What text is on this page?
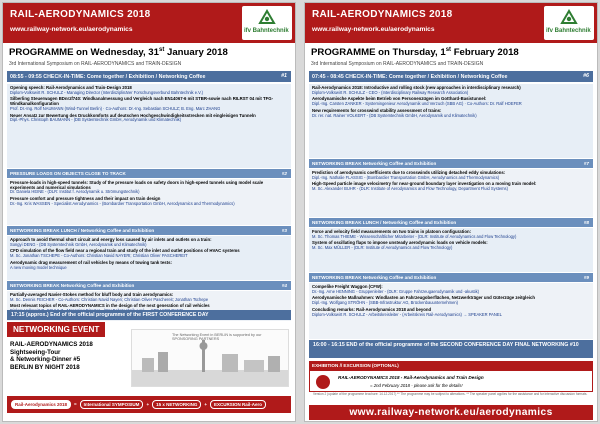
RAIL-AERODYNAMICS 2018
www.railway-network.eu/aerodynamics	ifv Bahntechnik
PROGRAMME on Wednesday, 31st January 2018
3rd International Symposium on RAIL-AERODYNAMICS and TRAIN-DESIGN
08:55 - 09:55 CHECK-IN-TIME: Come together / Exhibition / Networking Coffee	#1
Opening speech: Rail-Aerodynamics and Train-Design 2018
Diplom-Volkswirt R. SCHULZ - Managing Director (Interdisziplinärer Forschungsverbund Bahntechnik e.V.)
Silberling Steuerwagen BDnrzf740: Windkanalmessung und Vergleich nach EN14067-6 mit STBR-sowie nach RILRST 04 mit TFG-Windkanalkonfiguration
Prof. Dr.-Ing. Rolf NAUMANN (Wind-Tunnel Berlin) · Co-Authors: Dr.-Ing. Sebastian SCHULZ; B. Eng. Marc ZHANG
Neuer Ansatz zur Bewertung des Druckkomforts auf deutschen Hochgeschwindigkeitsstrecken mit eingleisigen Tunneln
Dipl.-Phys. Christoph BAUMANN - (DB Systemtechnik GmbH, Aerodynamik und Klimatechnik)
PRESSURE LOADS ON OBJECTS CLOSE TO TRACK	#2
Pressure-loads in high-speed tunnels: Study of the pressure loads on safety doors in high-speed tunnels using model scale experiments and numerical simulations
Dr. Daniela HEINE - (DLR: Institut f. Aerodynamik u. Strömungstechnik)
Pressure comfort and pressure tightness and their impact on train design
Dr.-Ing. Kris WASSEN - Specialist Aerodynamics - (Bombardier Transportation GmbH, Aerodynamics and Thermodynamics)
NETWORKING BREAK LUNCH / Networking Coffee and Exhibition	#3
Approach to avoid thermal short circuit and energy loss caused by air inlets and outlets on a train:
Songyi DENG - (DB Systemtechnik GmbH, Aerodynamik und Klimatechnik)
CFD simulation of the flow field near a regional train and study of the inlet and outlet positions of HVAC systems
M. Sc. Jonathan TSCHEPE - Co-Authors: Christian Navid NAYERI; Christian Oliver PASCHEREIT
Aerodynamic drag measurement of rail vehicles by means of towing tank tests:
A new moving model technique
NETWORKING BREAK Networking Coffee and Exhibition	#4
Partially-averaged Navier-Stokes method for bluff body and train aerodynamics:
M. Sc. Dennis FEICHER - Co-Authors: Christian Navid Nayeri; Christian Oliver Paschereit; Jonathan Tschepe
Most relevant topics of RAIL-AERODYNAMICS in the design of the next generation of rail vehicles

17:15 (approx.) End of the official programme of the FIRST CONFERENCE DAY
NETWORKING EVENT
RAIL-AERODYNAMICS 2018
Sightseeing-Tour
& Networking-Dinner #5
BERLIN BY NIGHT 2018
The Networking Event in BERLIN is supported by our SPONSORING PARTNERS
Rail-Aerodynamics 2018	=	International SYMPOSIUM	+	15 x NETWORKING	+	EXCURSION Rail-Aero
RAIL-AERODYNAMICS 2018
www.railway-network.eu/aerodynamics	ifv Bahntechnik
PROGRAMME on Thursday, 1st February 2018
3rd International Symposium on RAIL-AERODYNAMICS and TRAIN-DESIGN
07:45 - 08:45 CHECK-IN-TIME: Come together / Exhibition / Networking Coffee	#6
Rail-Aerodynamics 2018: Introductive and rolling stock (new approaches in interdisciplinary research)
Diplom-Volkswirt R. SCHULZ - CEO - (Interdisciplinary Railway Research Association)
Aerodynamische Aspekte beim Betrieb von Personenzügen im Gotthard-Basistunnel:
Dipl.-Ing. Carsten ZANKER - Systemingenieur Aerodynamik und Verzuch (SBB AG) · Co-Authors: Dr. Ralf HOEFER
New requirements for crosswind stability assessment of trains:
Dr. rer. nat. Rainer VOLKERT - (DB Systemtechnik GmbH, Aerodynamik und Klimatechnik)
NETWORKING BREAK Networking Coffee and Exhibition	#7
Prediction of aerodynamic coefficients due to crosswinds utilizing detached eddy simulations:
Dipl.-Ing. Nathalie FLASSIG - (Bombardier Transportation GmbH, Aerodynamics and Thermodynamics)
High-Speed particle image velocimetry for near-ground boundary layer investigation on a moving train model:
M. Sc. Alexander BUHR - (DLR: Institute of Aerodynamics and Flow Technology, Department Fluid Systems)
NETWORKING BREAK LUNCH / Networking Coffee and Exhibition	#8
Force and velocity field measurements on two trains in platoon configuration:
M. Sc. Thomas THIEME - Wissenschaftlicher Mitarbeiter - (DLR: Institute of Aerodynamics and Flow Technology)
System of oscillating flaps to impose unsteady aerodynamic loads on vehicle models:
M. Sc. Max MÜLLER - (DLR: Institute of Aerodynamics and Flow Technology)
NETWORKING BREAK Networking Coffee and Exhibition	#9
Compelike Freight Waggon (CFW):
Dr.-Ing. Arne HENNING - Gruppenleiter - (DLR: Gruppe Fahrzeugaerodynamik und -akustik)
Aerodynamische Maßnahmen: Windlasten an Fahrzeugoberflächen, Netzwerkträger und Güterzüge zeitgleich
Dipl.-Ing. Wolfgang STRÖHN - (SBB-Infrastruktur AG, Brückenbauunternehmen)
Concluding remarks: Rail-Aerodynamics 2018 and beyond
Diplom-Volkswirt R. SCHULZ - Arbeitskreisleiter - (Arbeitskreis Rail-Aerodynamics) → SPEAKER PANEL
16:00 - 16:15 END of the official programme of the SECOND CONFERENCE DAY FINAL NETWORKING #10
EXHIBITION // EXCURSION (OPTIONAL)
RAIL-AERODYNAMICS 2018 - Rail-Aerodynamics and Train Design
= 2nd February 2018 - please ask for the details!
Version 2 (update of the programme brochure: 14.12.2017) ** The programme may be subject to alterations. ** The speaker panel applies for the assistance and for interactive discussion formats.
www.railway-network.eu/aerodynamics
